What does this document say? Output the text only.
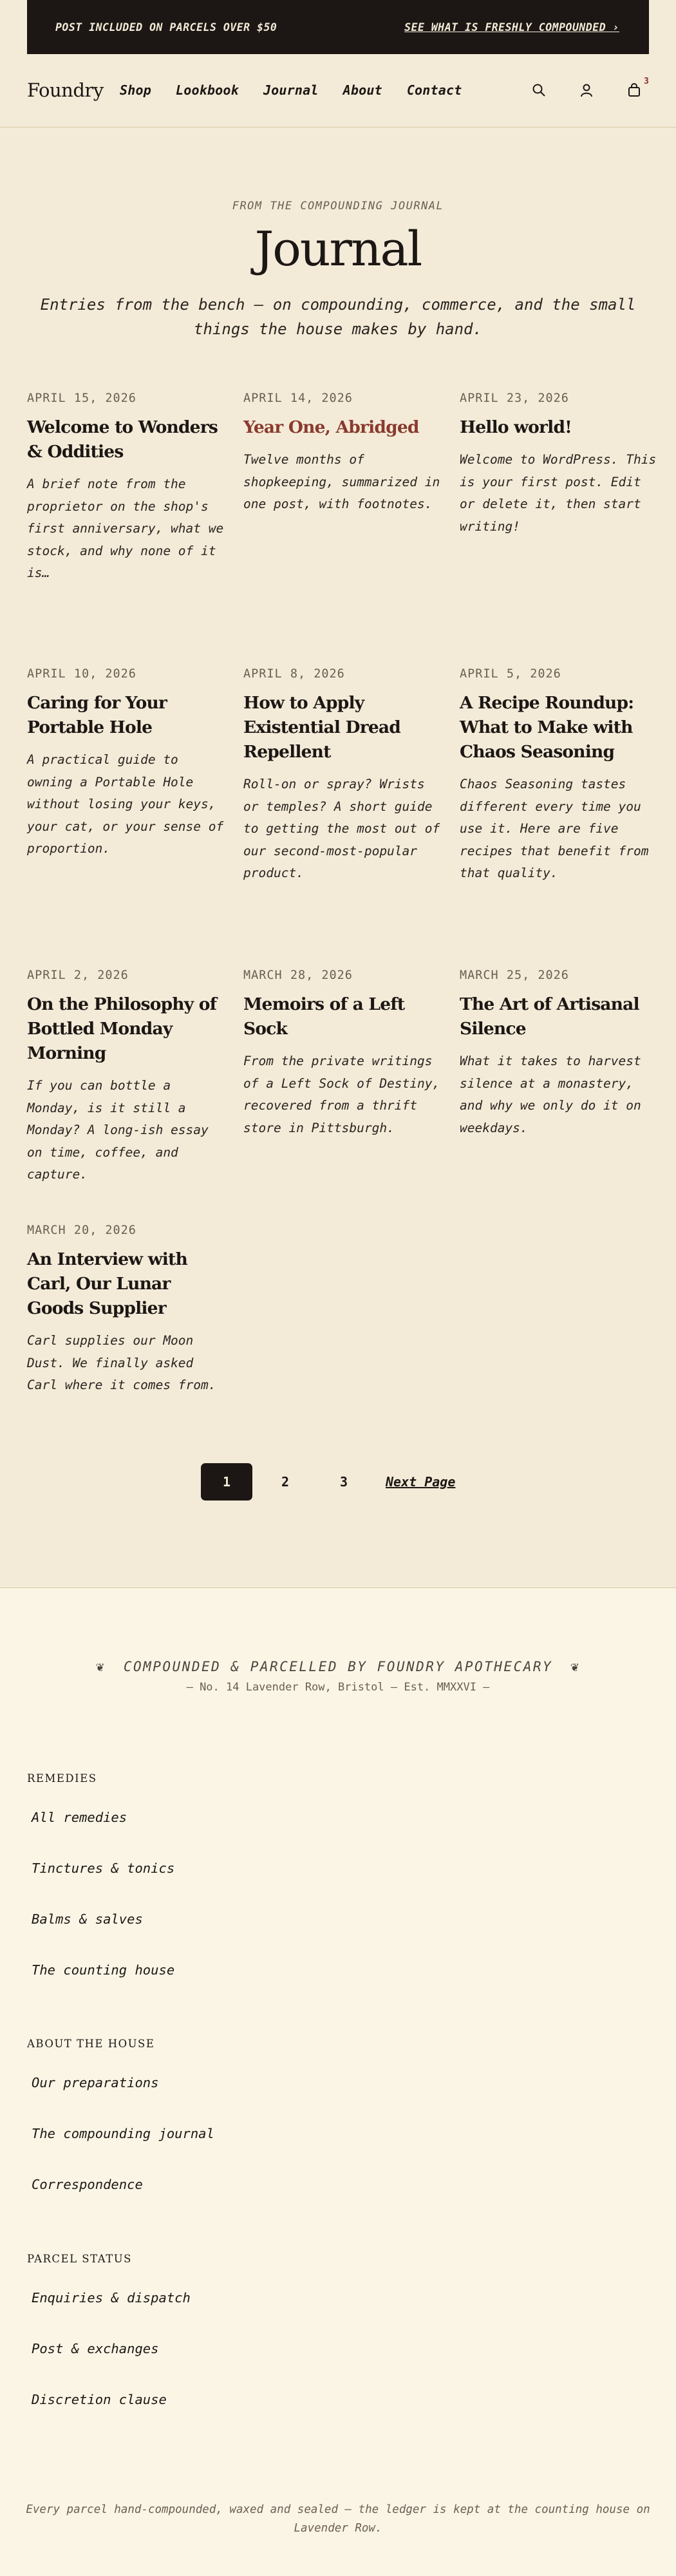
POST INCLUDED ON PARCELS OVER $50	SEE WHAT IS FRESHLY COMPOUNDED ›
Foundry	Shop Lookbook Journal About Contact
3
FROM THE COMPOUNDING JOURNAL
Journal

Entries from the bench — on compounding, commerce, and the small things the house makes by hand.

APRIL 15, 2026
Welcome to Wonders & Oddities

A brief note from the proprietor on the shop's first anniversary, what we stock, and why none of it is…

APRIL 14, 2026
Year One, Abridged

Twelve months of shopkeeping, summarized in one post, with footnotes.

APRIL 23, 2026
Hello world!

Welcome to WordPress. This is your first post. Edit or delete it, then start writing!

APRIL 10, 2026
Caring for Your Portable Hole

A practical guide to owning a Portable Hole without losing your keys, your cat, or your sense of proportion.

APRIL 8, 2026
How to Apply Existential Dread Repellent

Roll-on or spray? Wrists or temples? A short guide to getting the most out of our second-most-popular product.

APRIL 5, 2026
A Recipe Roundup: What to Make with Chaos Seasoning

Chaos Seasoning tastes different every time you use it. Here are five recipes that benefit from that quality.

APRIL 2, 2026
On the Philosophy of Bottled Monday Morning

If you can bottle a Monday, is it still a Monday? A long-ish essay on time, coffee, and capture.

MARCH 28, 2026
Memoirs of a Left Sock

From the private writings of a Left Sock of Destiny, recovered from a thrift store in Pittsburgh.

MARCH 25, 2026
The Art of Artisanal Silence

What it takes to harvest silence at a monastery, and why we only do it on weekdays.

MARCH 20, 2026
An Interview with Carl, Our Lunar Goods Supplier

Carl supplies our Moon Dust. We finally asked Carl where it comes from.

1	2	3	Next Page
❦ COMPOUNDED & PARCELLED BY FOUNDRY APOTHECARY ❦
— No. 14 Lavender Row, Bristol — Est. MMXXVI —
REMEDIES
All remedies
Tinctures & tonics
Balms & salves
The counting house
ABOUT THE HOUSE
Our preparations
The compounding journal
Correspondence
PARCEL STATUS
Enquiries & dispatch
Post & exchanges
Discretion clause

Every parcel hand-compounded, waxed and sealed — the ledger is kept at the counting house on Lavender Row.
